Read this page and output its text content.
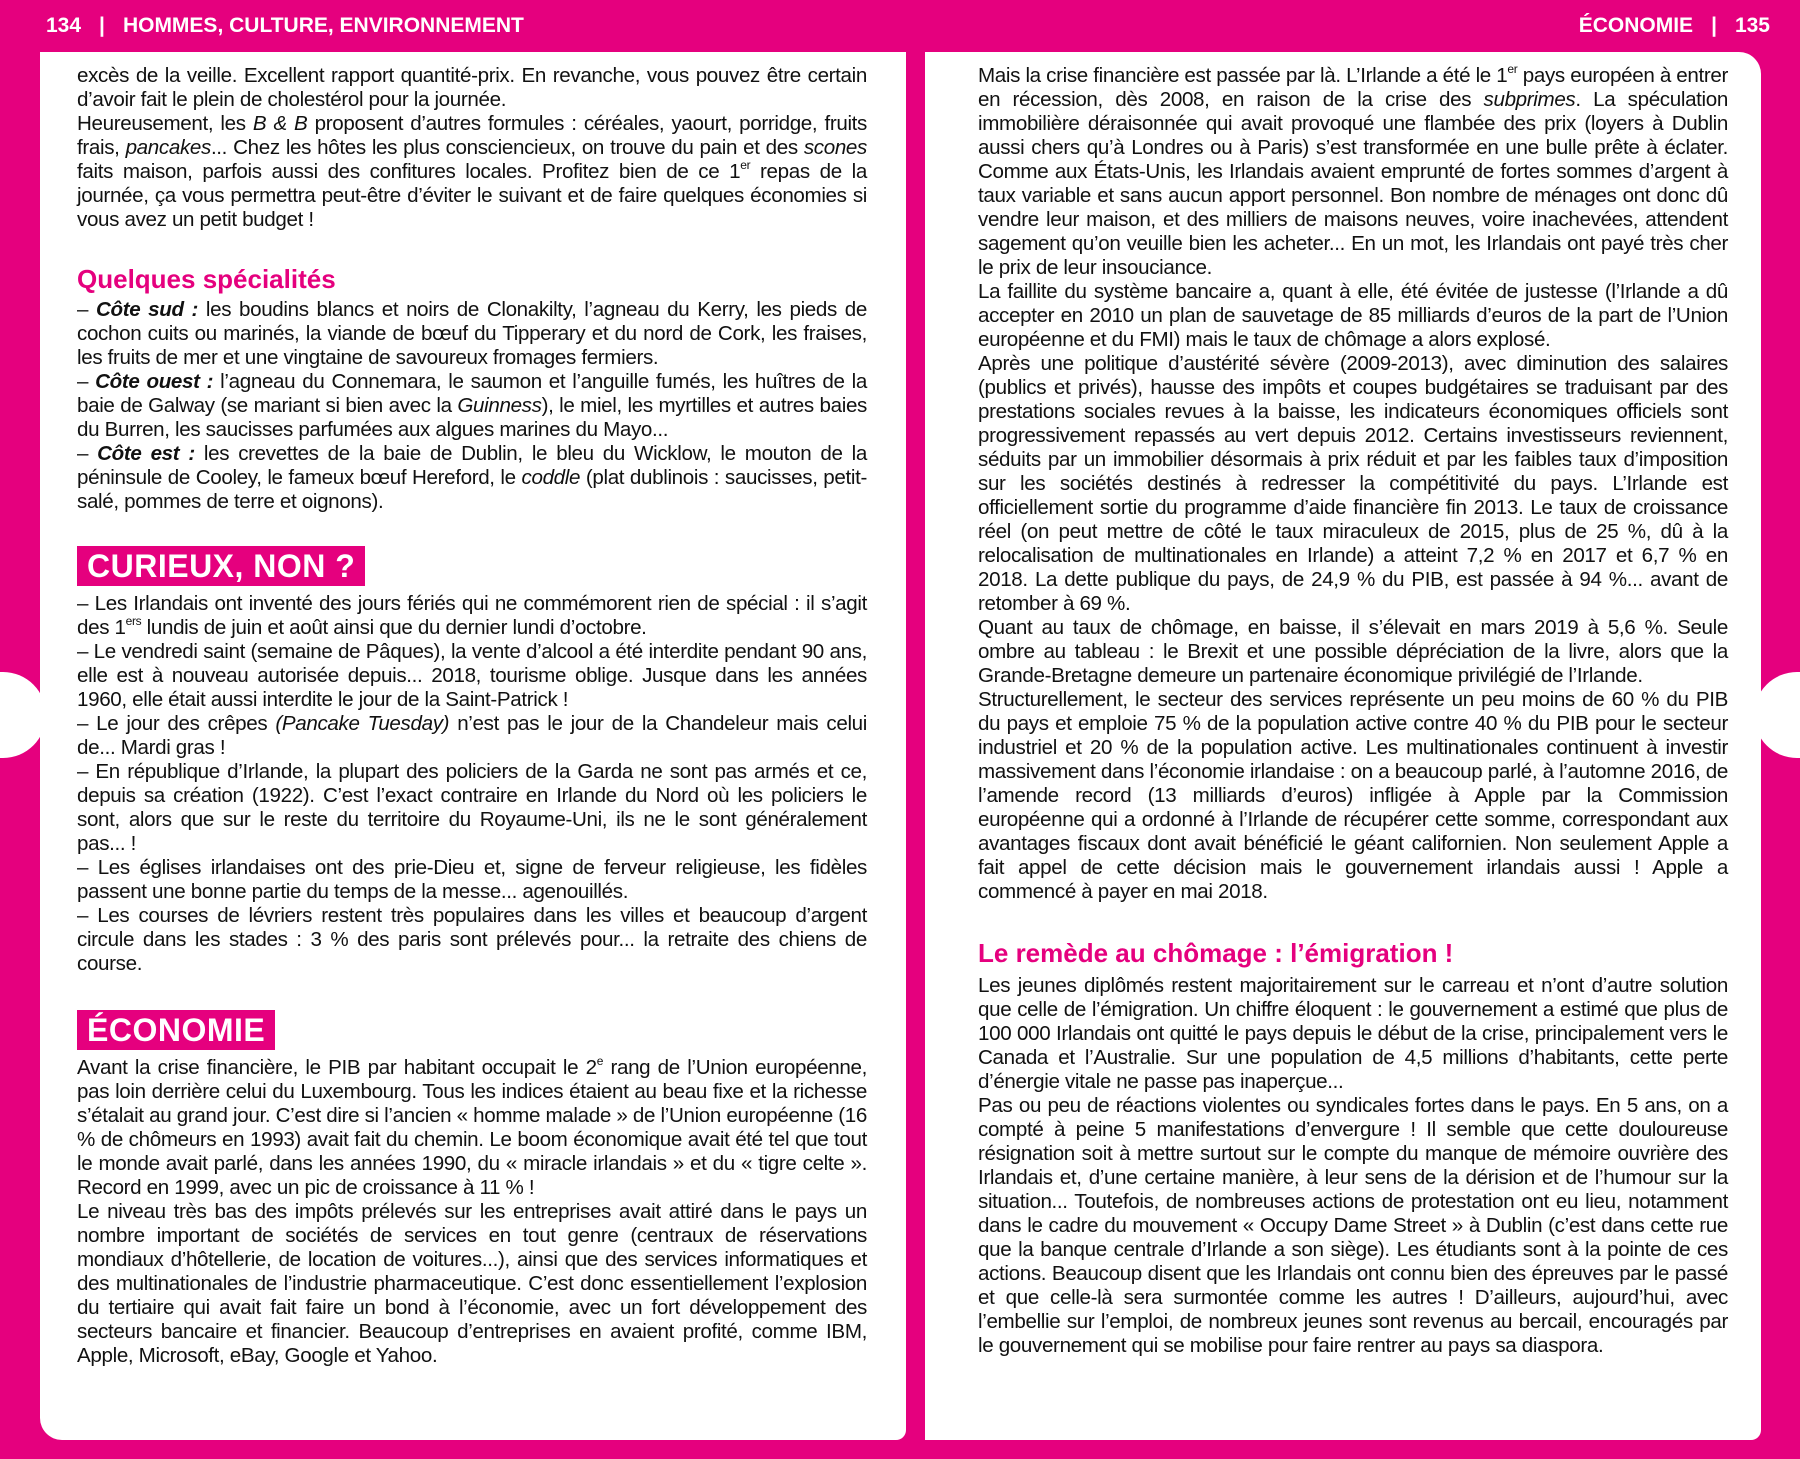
134 | HOMMES, CULTURE, ENVIRONNEMENT	ÉCONOMIE | 135
excès de la veille. Excellent rapport quantité-prix. En revanche, vous pouvez être certain d’avoir fait le plein de cholestérol pour la journée.
Heureusement, les B & B proposent d’autres formules : céréales, yaourt, porridge, fruits frais, pancakes... Chez les hôtes les plus consciencieux, on trouve du pain et des scones faits maison, parfois aussi des confitures locales. Profitez bien de ce 1er repas de la journée, ça vous permettra peut-être d’éviter le suivant et de faire quelques économies si vous avez un petit budget !
Quelques spécialités
– Côte sud : les boudins blancs et noirs de Clonakilty, l’agneau du Kerry, les pieds de cochon cuits ou marinés, la viande de bœuf du Tipperary et du nord de Cork, les fraises, les fruits de mer et une vingtaine de savoureux fromages fermiers.
– Côte ouest : l’agneau du Connemara, le saumon et l’anguille fumés, les huîtres de la baie de Galway (se mariant si bien avec la Guinness), le miel, les myrtilles et autres baies du Burren, les saucisses parfumées aux algues marines du Mayo...
– Côte est : les crevettes de la baie de Dublin, le bleu du Wicklow, le mouton de la péninsule de Cooley, le fameux bœuf Hereford, le coddle (plat dublinois : saucisses, petit-salé, pommes de terre et oignons).
CURIEUX, NON ?
– Les Irlandais ont inventé des jours fériés qui ne commémorent rien de spécial : il s’agit des 1ers lundis de juin et août ainsi que du dernier lundi d’octobre.
– Le vendredi saint (semaine de Pâques), la vente d’alcool a été interdite pendant 90 ans, elle est à nouveau autorisée depuis... 2018, tourisme oblige. Jusque dans les années 1960, elle était aussi interdite le jour de la Saint-Patrick !
– Le jour des crêpes (Pancake Tuesday) n’est pas le jour de la Chandeleur mais celui de... Mardi gras !
– En république d’Irlande, la plupart des policiers de la Garda ne sont pas armés et ce, depuis sa création (1922). C’est l’exact contraire en Irlande du Nord où les policiers le sont, alors que sur le reste du territoire du Royaume-Uni, ils ne le sont généralement pas... !
– Les églises irlandaises ont des prie-Dieu et, signe de ferveur religieuse, les fidèles passent une bonne partie du temps de la messe... agenouillés.
– Les courses de lévriers restent très populaires dans les villes et beaucoup d’argent circule dans les stades : 3 % des paris sont prélevés pour... la retraite des chiens de course.
ÉCONOMIE
Avant la crise financière, le PIB par habitant occupait le 2e rang de l’Union européenne, pas loin derrière celui du Luxembourg. Tous les indices étaient au beau fixe et la richesse s’étalait au grand jour. C’est dire si l’ancien « homme malade » de l’Union européenne (16 % de chômeurs en 1993) avait fait du chemin. Le boom économique avait été tel que tout le monde avait parlé, dans les années 1990, du « miracle irlandais » et du « tigre celte ». Record en 1999, avec un pic de croissance à 11 % !
Le niveau très bas des impôts prélevés sur les entreprises avait attiré dans le pays un nombre important de sociétés de services en tout genre (centraux de réservations mondiaux d’hôtellerie, de location de voitures...), ainsi que des services informatiques et des multinationales de l’industrie pharmaceutique. C’est donc essentiellement l’explosion du tertiaire qui avait fait faire un bond à l’économie, avec un fort développement des secteurs bancaire et financier. Beaucoup d’entreprises en avaient profité, comme IBM, Apple, Microsoft, eBay, Google et Yahoo.
Mais la crise financière est passée par là. L’Irlande a été le 1er pays européen à entrer en récession, dès 2008, en raison de la crise des subprimes. La spéculation immobilière déraisonnée qui avait provoqué une flambée des prix (loyers à Dublin aussi chers qu’à Londres ou à Paris) s’est transformée en une bulle prête à éclater. Comme aux États-Unis, les Irlandais avaient emprunté de fortes sommes d’argent à taux variable et sans aucun apport personnel. Bon nombre de ménages ont donc dû vendre leur maison, et des milliers de maisons neuves, voire inachevées, attendent sagement qu’on veuille bien les acheter... En un mot, les Irlandais ont payé très cher le prix de leur insouciance.
La faillite du système bancaire a, quant à elle, été évitée de justesse (l’Irlande a dû accepter en 2010 un plan de sauvetage de 85 milliards d’euros de la part de l’Union européenne et du FMI) mais le taux de chômage a alors explosé.
Après une politique d’austérité sévère (2009-2013), avec diminution des salaires (publics et privés), hausse des impôts et coupes budgétaires se traduisant par des prestations sociales revues à la baisse, les indicateurs économiques officiels sont progressivement repassés au vert depuis 2012. Certains investisseurs reviennent, séduits par un immobilier désormais à prix réduit et par les faibles taux d’imposition sur les sociétés destinés à redresser la compétitivité du pays. L’Irlande est officiellement sortie du programme d’aide financière fin 2013. Le taux de croissance réel (on peut mettre de côté le taux miraculeux de 2015, plus de 25 %, dû à la relocalisation de multinationales en Irlande) a atteint 7,2 % en 2017 et 6,7 % en 2018. La dette publique du pays, de 24,9 % du PIB, est passée à 94 %... avant de retomber à 69 %.
Quant au taux de chômage, en baisse, il s’élevait en mars 2019 à 5,6 %. Seule ombre au tableau : le Brexit et une possible dépréciation de la livre, alors que la Grande-Bretagne demeure un partenaire économique privilégié de l’Irlande.
Structurellement, le secteur des services représente un peu moins de 60 % du PIB du pays et emploie 75 % de la population active contre 40 % du PIB pour le secteur industriel et 20 % de la population active. Les multinationales continuent à investir massivement dans l’économie irlandaise : on a beaucoup parlé, à l’automne 2016, de l’amende record (13 milliards d’euros) infligée à Apple par la Commission européenne qui a ordonné à l’Irlande de récupérer cette somme, correspondant aux avantages fiscaux dont avait bénéficié le géant californien. Non seulement Apple a fait appel de cette décision mais le gouvernement irlandais aussi ! Apple a commencé à payer en mai 2018.
Le remède au chômage : l’émigration !
Les jeunes diplômés restent majoritairement sur le carreau et n’ont d’autre solution que celle de l’émigration. Un chiffre éloquent : le gouvernement a estimé que plus de 100 000 Irlandais ont quitté le pays depuis le début de la crise, principalement vers le Canada et l’Australie. Sur une population de 4,5 millions d’habitants, cette perte d’énergie vitale ne passe pas inaperçue...
Pas ou peu de réactions violentes ou syndicales fortes dans le pays. En 5 ans, on a compté à peine 5 manifestations d’envergure ! Il semble que cette douloureuse résignation soit à mettre surtout sur le compte du manque de mémoire ouvrière des Irlandais et, d’une certaine manière, à leur sens de la dérision et de l’humour sur la situation... Toutefois, de nombreuses actions de protestation ont eu lieu, notamment dans le cadre du mouvement « Occupy Dame Street » à Dublin (c’est dans cette rue que la banque centrale d’Irlande a son siège). Les étudiants sont à la pointe de ces actions. Beaucoup disent que les Irlandais ont connu bien des épreuves par le passé et que celle-là sera surmontée comme les autres ! D’ailleurs, aujourd’hui, avec l’embellie sur l’emploi, de nombreux jeunes sont revenus au bercail, encouragés par le gouvernement qui se mobilise pour faire rentrer au pays sa diaspora.
